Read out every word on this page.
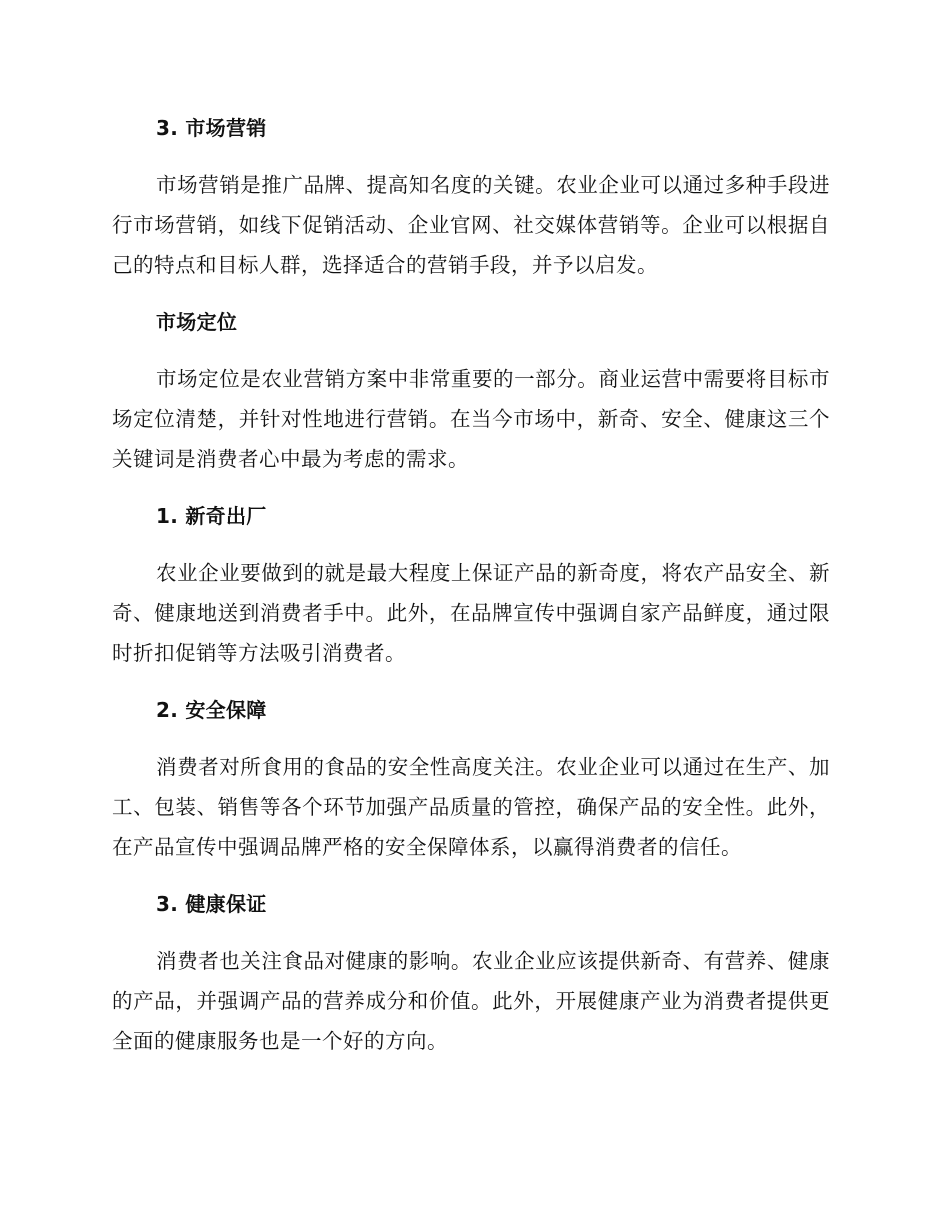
3. 市场营销

市场营销是推广品牌、提高知名度的关键。农业企业可以通过多种手段进行市场营销，如线下促销活动、企业官网、社交媒体营销等。企业可以根据自己的特点和目标人群，选择适合的营销手段，并予以启发。

市场定位

市场定位是农业营销方案中非常重要的一部分。商业运营中需要将目标市场定位清楚，并针对性地进行营销。在当今市场中，新奇、安全、健康这三个关键词是消费者心中最为考虑的需求。

1. 新奇出厂

农业企业要做到的就是最大程度上保证产品的新奇度，将农产品安全、新奇、健康地送到消费者手中。此外，在品牌宣传中强调自家产品鲜度，通过限时折扣促销等方法吸引消费者。

2. 安全保障

消费者对所食用的食品的安全性高度关注。农业企业可以通过在生产、加工、包装、销售等各个环节加强产品质量的管控，确保产品的安全性。此外，在产品宣传中强调品牌严格的安全保障体系，以赢得消费者的信任。

3. 健康保证

消费者也关注食品对健康的影响。农业企业应该提供新奇、有营养、健康的产品，并强调产品的营养成分和价值。此外，开展健康产业为消费者提供更全面的健康服务也是一个好的方向。
